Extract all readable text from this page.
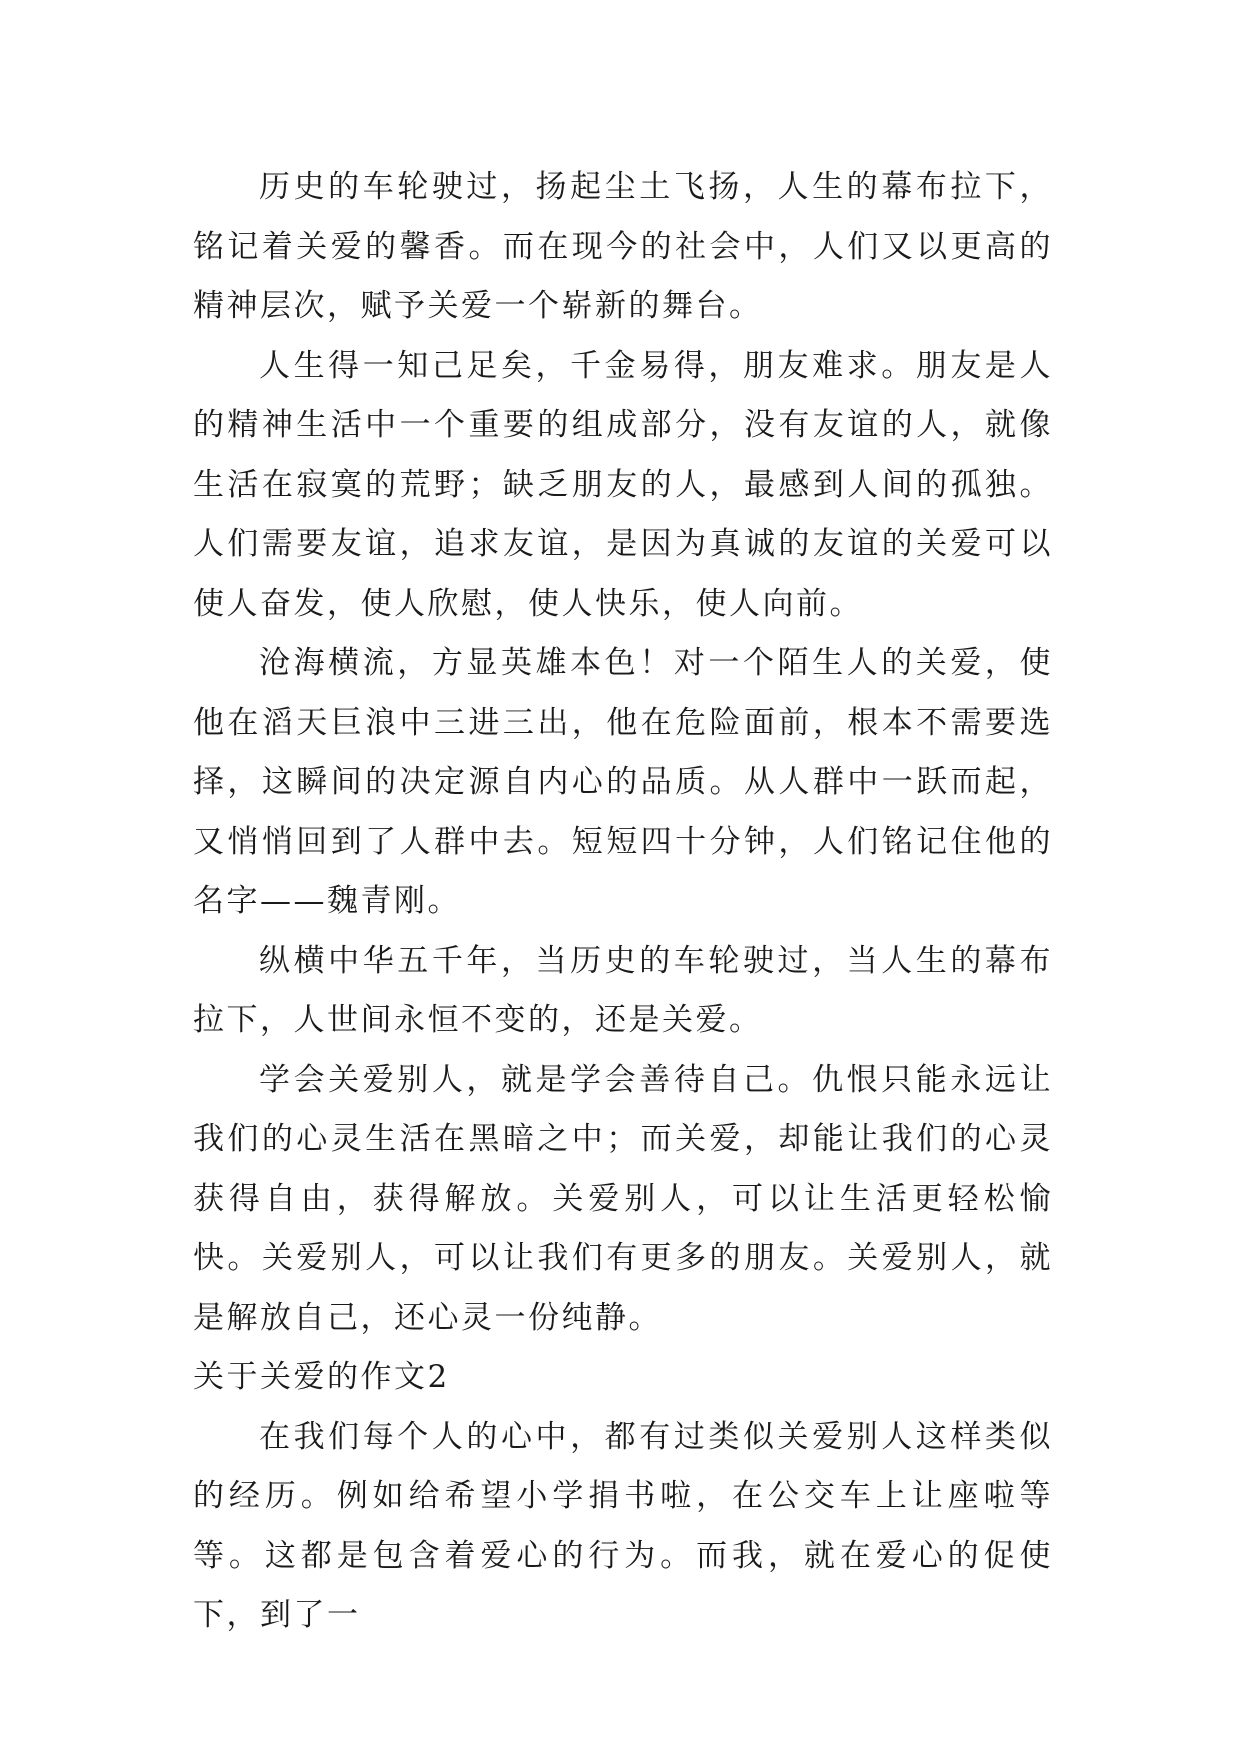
历史的车轮驶过，扬起尘土飞扬，人生的幕布拉下，铭记着关爱的馨香。而在现今的社会中，人们又以更高的精神层次，赋予关爱一个崭新的舞台。

人生得一知己足矣，千金易得，朋友难求。朋友是人的精神生活中一个重要的组成部分，没有友谊的人，就像生活在寂寞的荒野；缺乏朋友的人，最感到人间的孤独。人们需要友谊，追求友谊，是因为真诚的友谊的关爱可以使人奋发，使人欣慰，使人快乐，使人向前。

沧海横流，方显英雄本色！对一个陌生人的关爱，使他在滔天巨浪中三进三出，他在危险面前，根本不需要选择，这瞬间的决定源自内心的品质。从人群中一跃而起，又悄悄回到了人群中去。短短四十分钟，人们铭记住他的名字——魏青刚。

纵横中华五千年，当历史的车轮驶过，当人生的幕布拉下，人世间永恒不变的，还是关爱。

学会关爱别人，就是学会善待自己。仇恨只能永远让我们的心灵生活在黑暗之中；而关爱，却能让我们的心灵获得自由，获得解放。关爱别人，可以让生活更轻松愉快。关爱别人，可以让我们有更多的朋友。关爱别人，就是解放自己，还心灵一份纯静。

关于关爱的作文2

在我们每个人的心中，都有过类似关爱别人这样类似的经历。例如给希望小学捐书啦，在公交车上让座啦等等。这都是包含着爱心的行为。而我，就在爱心的促使下，到了一
